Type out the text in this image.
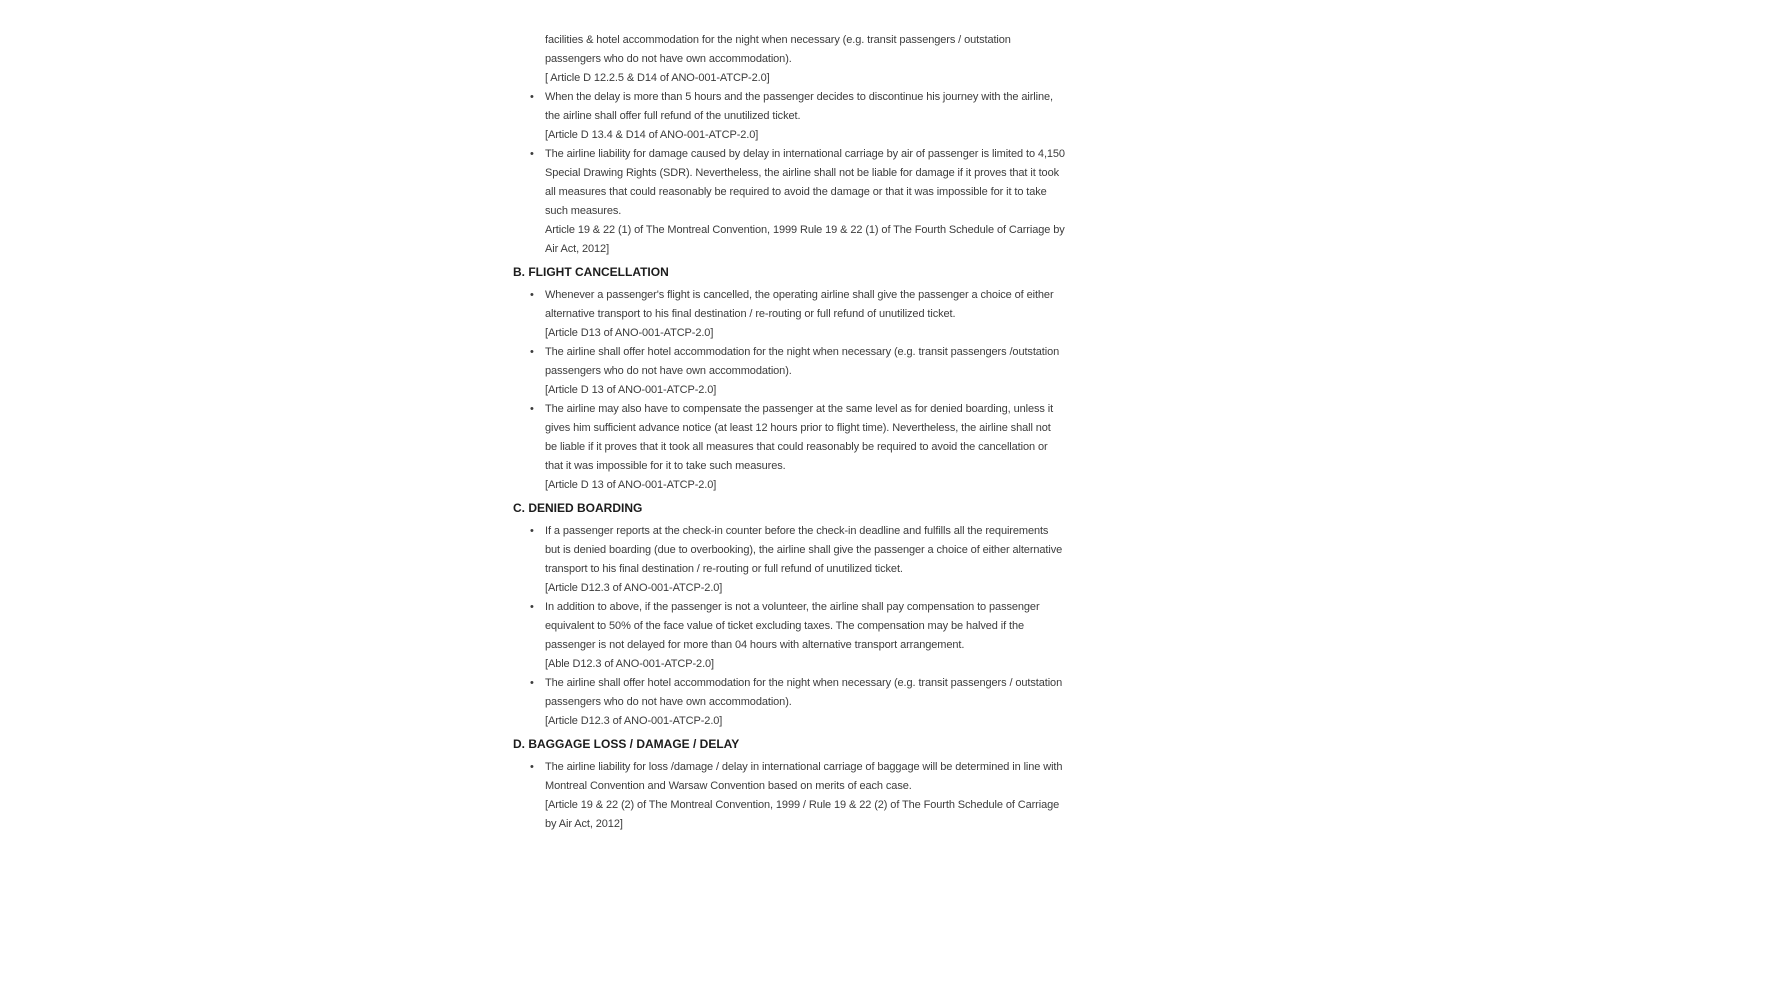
facilities & hotel accommodation for the night when necessary (e.g. transit passengers / outstation passengers who do not have own accommodation).

[ Article D 12.2.5 & D14 of ANO-001-ATCP-2.0]

• When the delay is more than 5 hours and the passenger decides to discontinue his journey with the airline, the airline shall offer full refund of the unutilized ticket.

[Article D 13.4 & D14 of ANO-001-ATCP-2.0]

• The airline liability for damage caused by delay in international carriage by air of passenger is limited to 4,150 Special Drawing Rights (SDR). Nevertheless, the airline shall not be liable for damage if it proves that it took all measures that could reasonably be required to avoid the damage or that it was impossible for it to take such measures.

Article 19 & 22 (1) of The Montreal Convention, 1999 Rule 19 & 22 (1) of The Fourth Schedule of Carriage by Air Act, 2012]

B. FLIGHT CANCELLATION
• Whenever a passenger's flight is cancelled, the operating airline shall give the passenger a choice of either alternative transport to his final destination / re-routing or full refund of unutilized ticket.

[Article D13 of ANO-001-ATCP-2.0]

• The airline shall offer hotel accommodation for the night when necessary (e.g. transit passengers /outstation passengers who do not have own accommodation).

[Article D 13 of ANO-001-ATCP-2.0]

• The airline may also have to compensate the passenger at the same level as for denied boarding, unless it gives him sufficient advance notice (at least 12 hours prior to flight time). Nevertheless, the airline shall not be liable if it proves that it took all measures that could reasonably be required to avoid the cancellation or that it was impossible for it to take such measures.

[Article D 13 of ANO-001-ATCP-2.0]

C. DENIED BOARDING
• If a passenger reports at the check-in counter before the check-in deadline and fulfills all the requirements but is denied boarding (due to overbooking), the airline shall give the passenger a choice of either alternative transport to his final destination / re-routing or full refund of unutilized ticket.

[Article D12.3 of ANO-001-ATCP-2.0]

• In addition to above, if the passenger is not a volunteer, the airline shall pay compensation to passenger equivalent to 50% of the face value of ticket excluding taxes. The compensation may be halved if the passenger is not delayed for more than 04 hours with alternative transport arrangement.

[Able D12.3 of ANO-001-ATCP-2.0]

• The airline shall offer hotel accommodation for the night when necessary (e.g. transit passengers / outstation passengers who do not have own accommodation).

[Article D12.3 of ANO-001-ATCP-2.0]

D. BAGGAGE LOSS / DAMAGE / DELAY
• The airline liability for loss /damage / delay in international carriage of baggage will be determined in line with Montreal Convention and Warsaw Convention based on merits of each case.

[Article 19 & 22 (2) of The Montreal Convention, 1999 / Rule 19 & 22 (2) of The Fourth Schedule of Carriage by Air Act, 2012]
